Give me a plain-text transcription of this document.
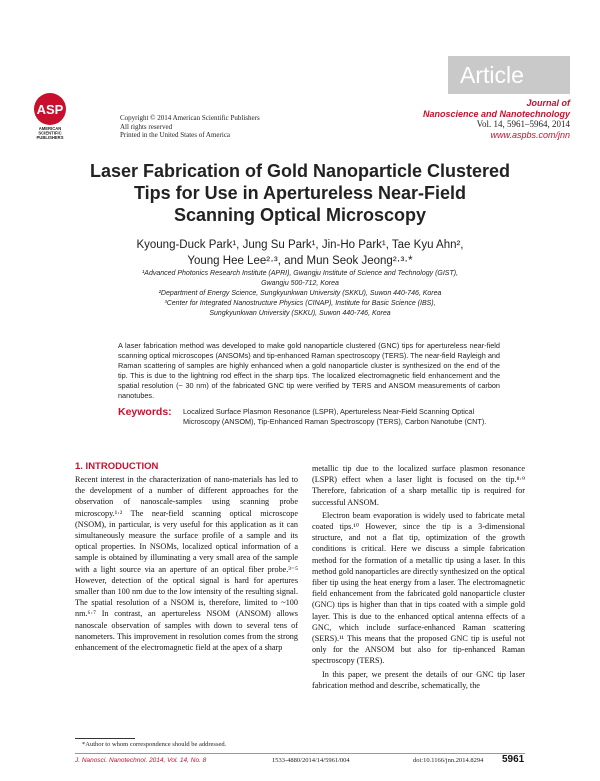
Article
ASP
AMERICAN
SCIENTIFIC
PUBLISHERS
Copyright © 2014 American Scientific Publishers
All rights reserved
Printed in the United States of America
Journal of
Nanoscience and Nanotechnology
Vol. 14, 5961–5964, 2014
www.aspbs.com/jnn
Laser Fabrication of Gold Nanoparticle Clustered
Tips for Use in Apertureless Near-Field
Scanning Optical Microscopy
Kyoung-Duck Park¹, Jung Su Park¹, Jin-Ho Park¹, Tae Kyu Ahn²,
Young Hee Lee²·³, and Mun Seok Jeong²·³·*
¹Advanced Photonics Research Institute (APRI), Gwangju Institute of Science and Technology (GIST),
Gwangju 500-712, Korea
²Department of Energy Science, Sungkyunkwan University (SKKU), Suwon 440-746, Korea
³Center for Integrated Nanostructure Physics (CINAP), Institute for Basic Science (IBS),
Sungkyunkwan University (SKKU), Suwon 440-746, Korea
A laser fabrication method was developed to make gold nanoparticle clustered (GNC) tips for apertureless near-field scanning optical microscopes (ANSOMs) and tip-enhanced Raman spectroscopy (TERS). The near-field Rayleigh and Raman scattering of samples are highly enhanced when a gold nanoparticle cluster is synthesized on the end of the tip. This is due to the lightning rod effect in the sharp tips. The localized electromagnetic field enhancement and the spatial resolution (~ 30 nm) of the fabricated GNC tip were verified by TERS and ANSOM measurements of carbon nanotubes.
Keywords: Localized Surface Plasmon Resonance (LSPR), Apertureless Near-Field Scanning Optical Microscopy (ANSOM), Tip-Enhanced Raman Spectroscopy (TERS), Carbon Nanotube (CNT).
1. INTRODUCTION

Recent interest in the characterization of nano-materials has led to the development of a number of different approaches for the observation of nanoscale-samples using scanning probe microscopy.¹·² The near-field scanning optical microscope (NSOM), in particular, is very useful for this application as it can simultaneously measure the surface profile of a sample and its optical properties. In NSOMs, localized optical information of a sample is obtained by illuminating a very small area of the sample with a light source via an aperture of an optical fiber probe.³⁻⁵ However, detection of the optical signal is hard for apertures smaller than 100 nm due to the low intensity of the resulting signal. The spatial resolution of a NSOM is, therefore, limited to ~100 nm.⁶·⁷ In contrast, an apertureless NSOM (ANSOM) allows nanoscale observation of samples with down to several tens of nanometers. This improvement in resolution comes from the strong enhancement of the electromagnetic field at the apex of a sharp

metallic tip due to the localized surface plasmon resonance (LSPR) effect when a laser light is focused on the tip.⁸·⁹ Therefore, fabrication of a sharp metallic tip is required for successful ANSOM.

Electron beam evaporation is widely used to fabricate metal coated tips.¹⁰ However, since the tip is a 3-dimensional structure, and not a flat tip, optimization of the growth conditions is critical. Here we discuss a simple fabrication method for the formation of a metallic tip using a laser. In this method gold nanoparticles are directly synthesized on the optical fiber tip using the heat energy from a laser. The electromagnetic field enhancement from the fabricated gold nanoparticle cluster (GNC) tips is higher than that in tips coated with a simple gold layer. This is due to the enhanced optical antenna effects of a GNC, which include surface-enhanced Raman scattering (SERS).¹¹ This means that the proposed GNC tip is useful not only for the ANSOM but also for tip-enhanced Raman spectroscopy (TERS).

In this paper, we present the details of our GNC tip laser fabrication method and describe, schematically, the

*Author to whom correspondence should be addressed.
J. Nanosci. Nanotechnol. 2014, Vol. 14, No. 8	1533-4880/2014/14/5961/004	doi:10.1166/jnn.2014.8294 5961
